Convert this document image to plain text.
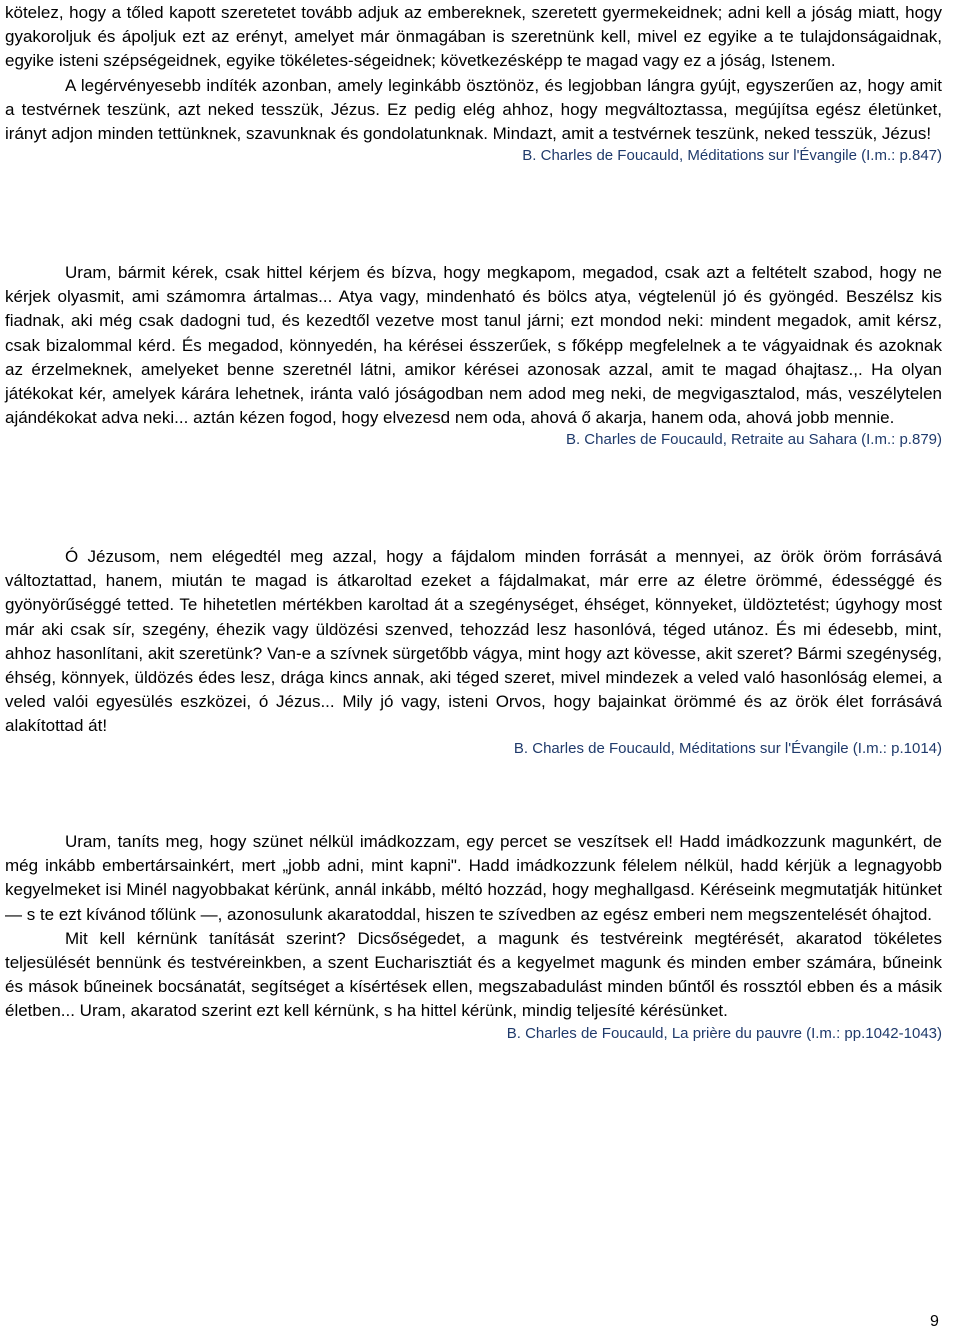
kötelez, hogy a tőled kapott szeretetet tovább adjuk az embereknek, szeretett gyermekeidnek; adni kell a jóság miatt, hogy gyakoroljuk és ápoljuk ezt az erényt, amelyet már önmagában is szeretnünk kell, mivel ez egyike a te tulajdonságaidnak, egyike isteni szépségeidnek, egyike tökéletes-ségeidnek; következésképp te magad vagy ez a jóság, Istenem.

A legérvényesebb indíték azonban, amely leginkább ösztönöz, és legjobban lángra gyújt, egyszerűen az, hogy amit a testvérnek teszünk, azt neked tesszük, Jézus. Ez pedig elég ahhoz, hogy megváltoztassa, megújítsa egész életünket, irányt adjon minden tettünknek, szavunknak és gondolatunknak. Mindazt, amit a testvérnek teszünk, neked tesszük, Jézus!

B. Charles de Foucauld, Méditations sur l'Évangile (I.m.: p.847)

Uram, bármit kérek, csak hittel kérjem és bízva, hogy megkapom, megadod, csak azt a feltételt szabod, hogy ne kérjek olyasmit, ami számomra ártalmas... Atya vagy, mindenható és bölcs atya, végtelenül jó és gyöngéd. Beszélsz kis fiadnak, aki még csak dadogni tud, és kezedtől vezetve most tanul járni; ezt mondod neki: mindent megadok, amit kérsz, csak bizalommal kérd. És megadod, könnyedén, ha kérései ésszerűek, s főképp megfelelnek a te vágyaidnak és azoknak az érzelmeknek, amelyeket benne szeretnél látni, amikor kérései azonosak azzal, amit te magad óhajtasz.,. Ha olyan játékokat kér, amelyek kárára lehetnek, iránta való jóságodban nem adod meg neki, de megvigasztalod, más, veszélytelen ajándékokat adva neki... aztán kézen fogod, hogy elvezesd nem oda, ahová ő akarja, hanem oda, ahová jobb mennie.

B. Charles de Foucauld, Retraite au Sahara (I.m.: p.879)

Ó Jézusom, nem elégedtél meg azzal, hogy a fájdalom minden forrását a mennyei, az örök öröm forrásává változtattad, hanem, miután te magad is átkaroltad ezeket a fájdalmakat, már erre az életre örömmé, édességgé és gyönyörűséggé tetted. Te hihetetlen mértékben karoltad át a szegénységet, éhséget, könnyeket, üldöztetést; úgyhogy most már aki csak sír, szegény, éhezik vagy üldözési szenved, tehozzád lesz hasonlóvá, téged utánoz. És mi édesebb, mint, ahhoz hasonlítani, akit szeretünk? Van-e a szívnek sürgetőbb vágya, mint hogy azt kövesse, akit szeret? Bármi szegénység, éhség, könnyek, üldözés édes lesz, drága kincs annak, aki téged szeret, mivel mindezek a veled való hasonlóság elemei, a veled valói egyesülés eszközei, ó Jézus... Mily jó vagy, isteni Orvos, hogy bajainkat örömmé és az örök élet forrásává alakítottad át!

B. Charles de Foucauld, Méditations sur l'Évangile (I.m.: p.1014)

Uram, taníts meg, hogy szünet nélkül imádkozzam, egy percet se veszítsek el! Hadd imádkozzunk magunkért, de még inkább embertársainkért, mert „jobb adni, mint kapni". Hadd imádkozzunk félelem nélkül, hadd kérjük a legnagyobb kegyelmeket isi Minél nagyobbakat kérünk, annál inkább, méltó hozzád, hogy meghallgasd. Kéréseink megmutatják hitünket — s te ezt kívánod tőlünk —, azonosulunk akaratoddal, hiszen te szívedben az egész emberi nem megszentelését óhajtod.

Mit kell kérnünk tanítását szerint? Dicsőségedet, a magunk és testvéreink megtérését, akaratod tökéletes teljesülését bennünk és testvéreinkben, a szent Eucharisztiát és a kegyelmet magunk és minden ember számára, bűneink és mások bűneinek bocsánatát, segítséget a kísértések ellen, megszabadulást minden bűntől és rossztól ebben és a másik életben... Uram, akaratod szerint ezt kell kérnünk, s ha hittel kérünk, mindig teljesíté kérésünket.

B. Charles de Foucauld, La prière du pauvre (I.m.: pp.1042-1043)

9
